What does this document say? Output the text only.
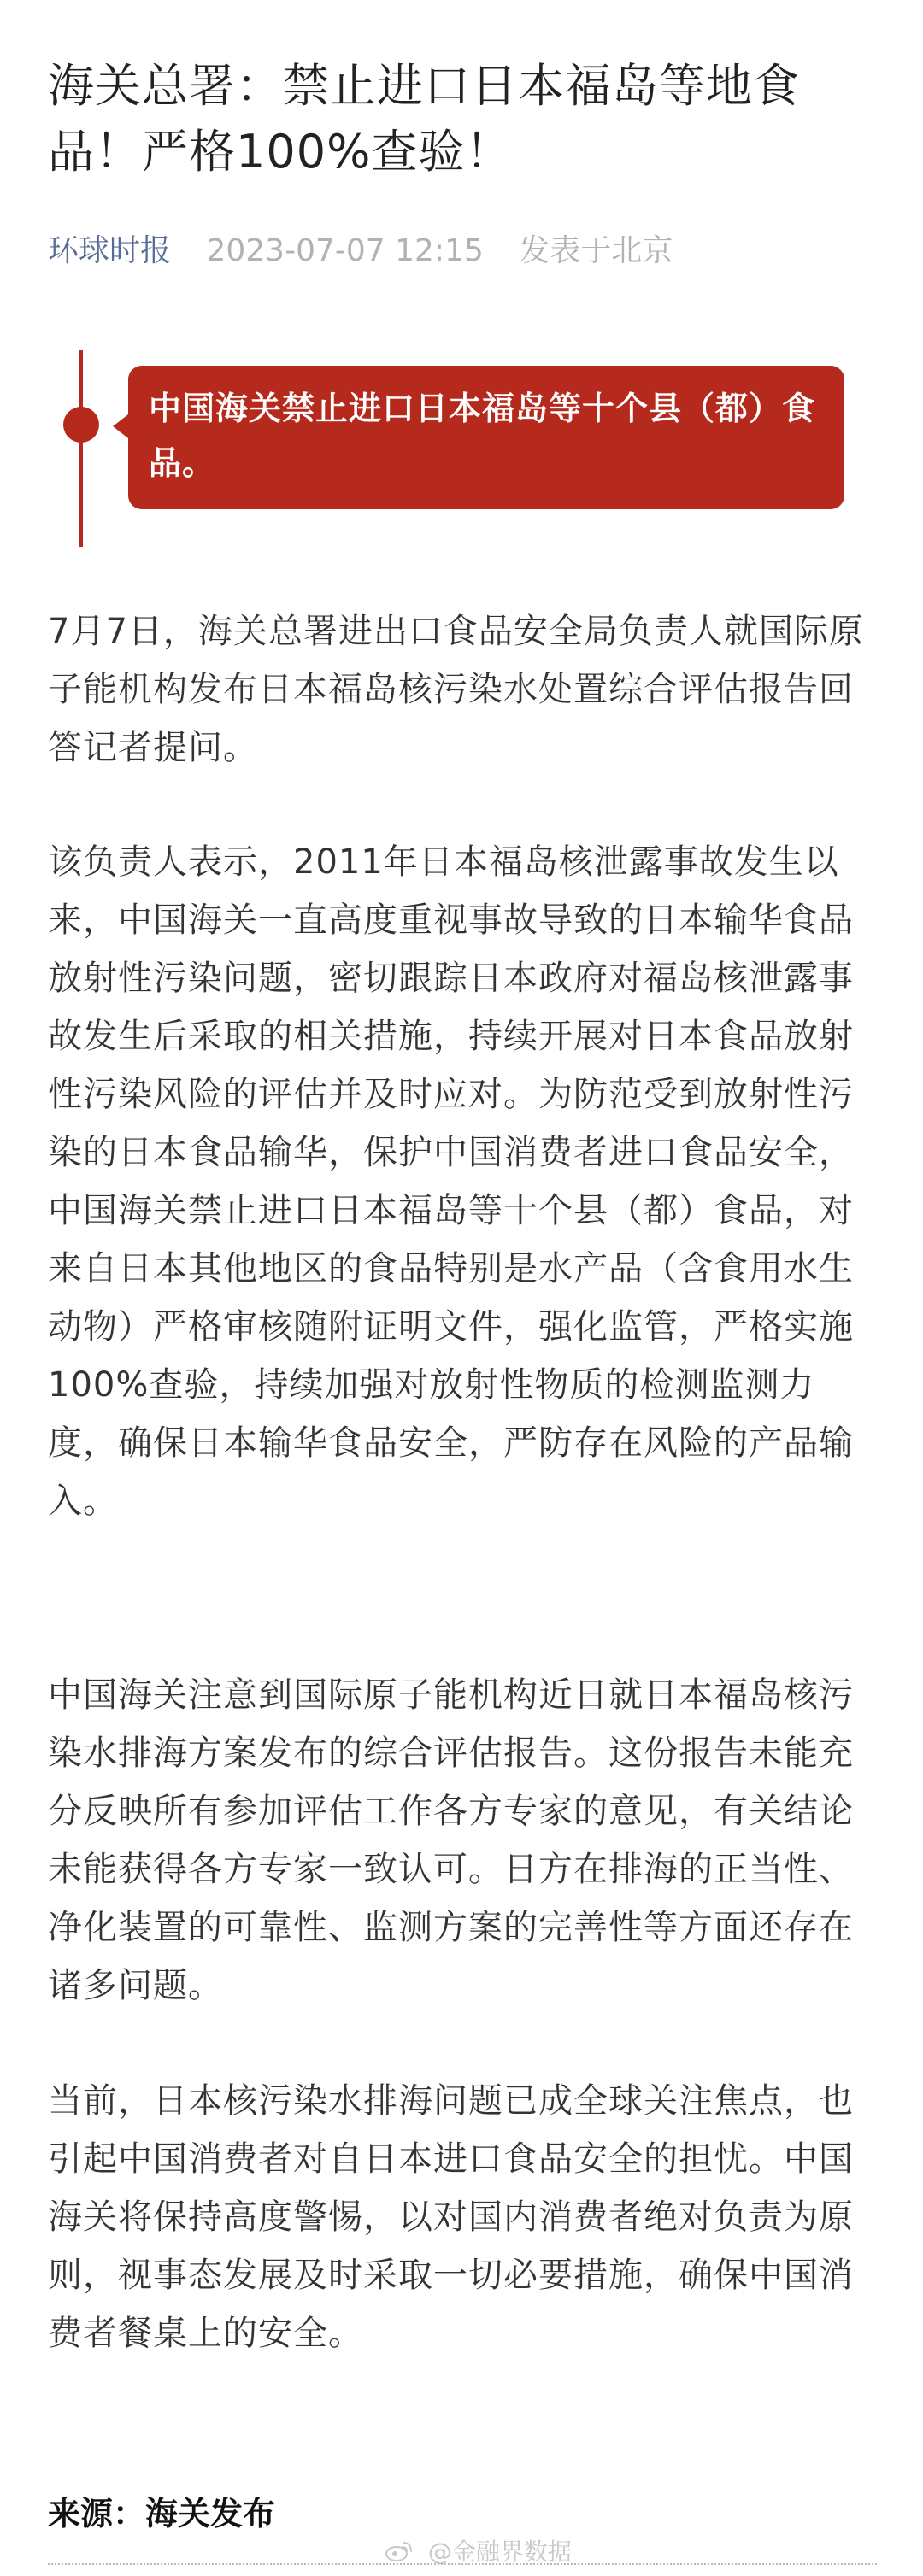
海关总署：禁止进口日本福岛等地食品！严格100%查验！
环球时报 2023-07-07 12:15 发表于北京
中国海关禁止进口日本福岛等十个县（都）食品。

7月7日，海关总署进出口食品安全局负责人就国际原子能机构发布日本福岛核污染水处置综合评估报告回答记者提问。

该负责人表示，2011年日本福岛核泄露事故发生以来，中国海关一直高度重视事故导致的日本输华食品放射性污染问题，密切跟踪日本政府对福岛核泄露事故发生后采取的相关措施，持续开展对日本食品放射性污染风险的评估并及时应对。为防范受到放射性污染的日本食品输华，保护中国消费者进口食品安全，中国海关禁止进口日本福岛等十个县（都）食品，对来自日本其他地区的食品特别是水产品（含食用水生动物）严格审核随附证明文件，强化监管，严格实施100%查验，持续加强对放射性物质的检测监测力度，确保日本输华食品安全，严防存在风险的产品输入。

中国海关注意到国际原子能机构近日就日本福岛核污染水排海方案发布的综合评估报告。这份报告未能充分反映所有参加评估工作各方专家的意见，有关结论未能获得各方专家一致认可。日方在排海的正当性、净化装置的可靠性、监测方案的完善性等方面还存在诸多问题。

当前，日本核污染水排海问题已成全球关注焦点，也引起中国消费者对自日本进口食品安全的担忧。中国海关将保持高度警惕，以对国内消费者绝对负责为原则，视事态发展及时采取一切必要措施，确保中国消费者餐桌上的安全。

来源：海关发布
@金融界数据
